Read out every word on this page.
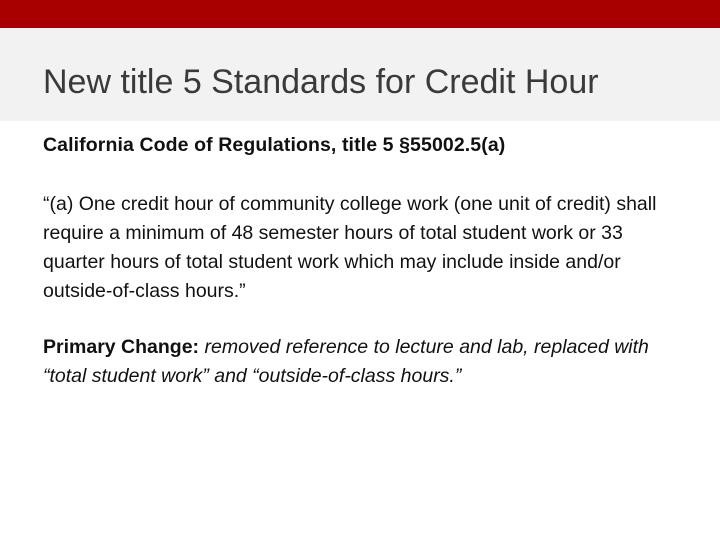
New title 5 Standards for Credit Hour

California Code of Regulations, title 5 §55002.5(a)

“(a) One credit hour of community college work (one unit of credit) shall require a minimum of 48 semester hours of total student work or 33 quarter hours of total student work which may include inside and/or outside-of-class hours.”

Primary Change: removed reference to lecture and lab, replaced with “total student work” and “outside-of-class hours.”
